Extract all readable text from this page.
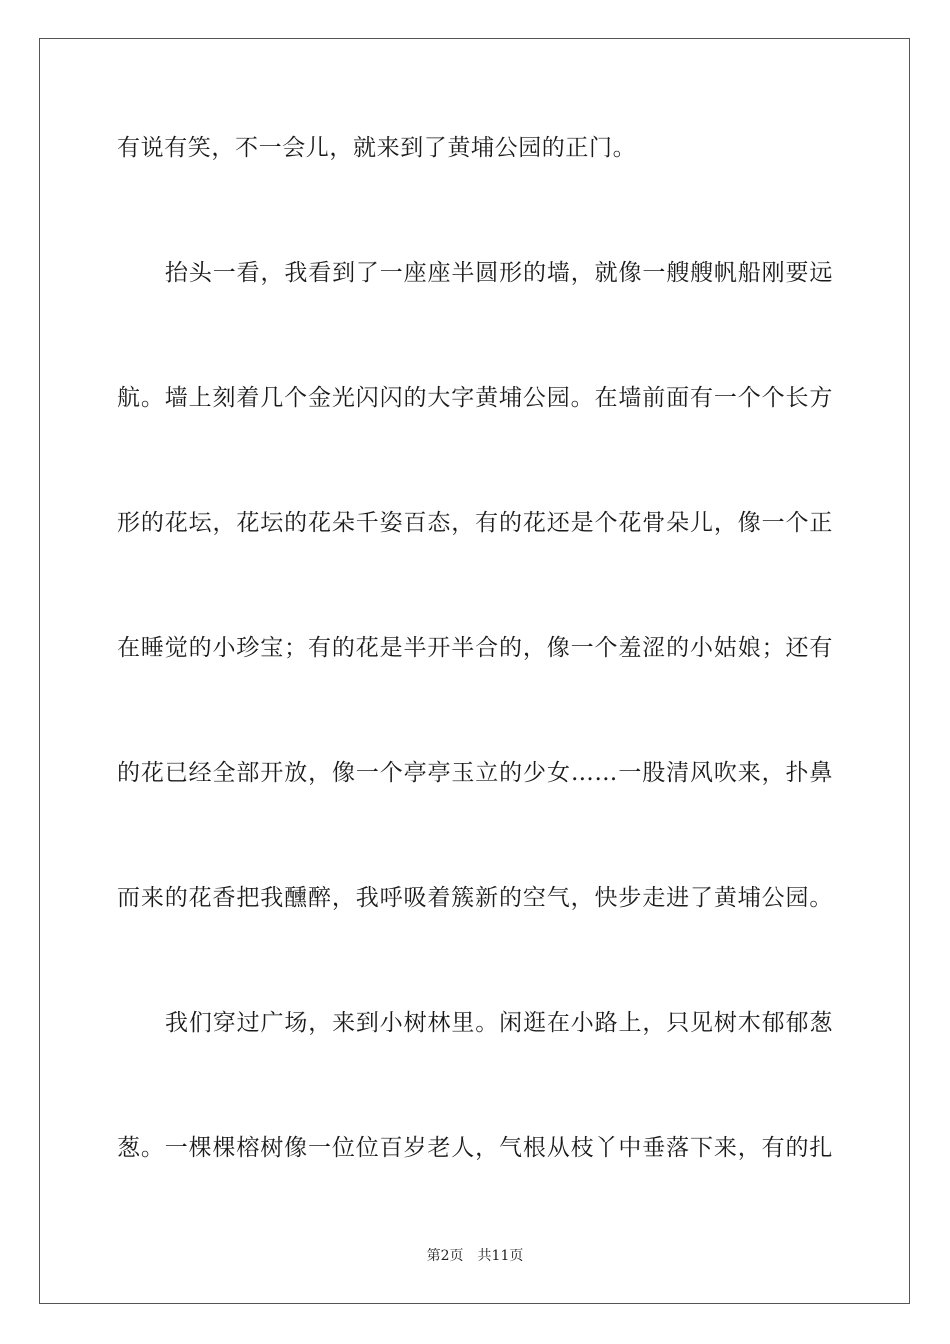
有说有笑，不一会儿，就来到了黄埔公园的正门。
抬头一看，我看到了一座座半圆形的墙，就像一艘艘帆船刚要远
航。墙上刻着几个金光闪闪的大字黄埔公园。在墙前面有一个个长方
形的花坛，花坛的花朵千姿百态，有的花还是个花骨朵儿，像一个正
在睡觉的小珍宝；有的花是半开半合的，像一个羞涩的小姑娘；还有
的花已经全部开放，像一个亭亭玉立的少女……一股清风吹来，扑鼻
而来的花香把我醺醉，我呼吸着簇新的空气，快步走进了黄埔公园。
我们穿过广场，来到小树林里。闲逛在小路上，只见树木郁郁葱
葱。一棵棵榕树像一位位百岁老人，气根从枝丫中垂落下来，有的扎
第2页 共11页
